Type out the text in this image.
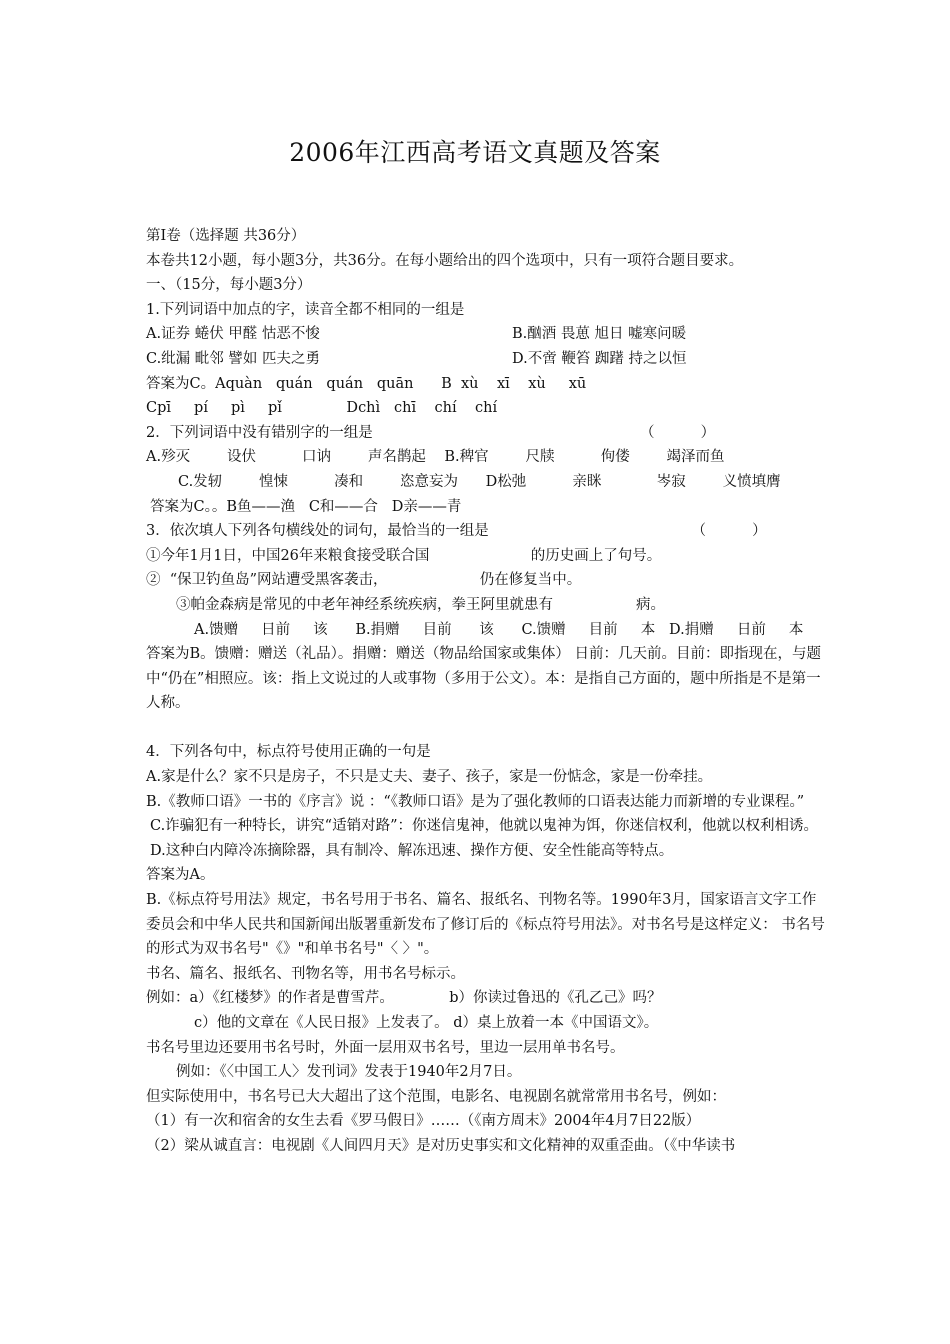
2006年江西高考语文真题及答案
第Ⅰ卷（选择题 共36分）
本卷共12小题，每小题3分，共36分。在每小题给出的四个选项中，只有一项符合题目要求。
一、（15分，每小题3分）
1.下列词语中加点的字，读音全都不相同的一组是
A.证券 蜷伏 甲醛 怙恶不悛	B.酗酒 畏葸 旭日 嘘寒问暖
C.纰漏 毗邻 譬如 匹夫之勇	D.不啻 鞭笞 踟躇 持之以恒
答案为C。Aquàn   quán   quán   quān      B  xù    xī    xù     xū
Cpī     pí     pì     pǐ              Dchì   chī    chí    chí
2．下列词语中没有错别字的一组是                                                          （          ）
A.殄灭        设伏          口讷        声名鹊起    B.稗官        尺牍          佝偻        竭泽而鱼
C.发轫        惶悚          凑和        恣意妄为      D松弛          亲眯            岑寂        义愤填膺
答案为C。。B鱼——渔   C和——合   D亲——青
3．依次填人下列各句横线处的词句，最恰当的一组是                                            （          ）
①今年1月1日，中国26年来粮食接受联合国                      的历史画上了句号。
②  “保卫钓鱼岛”网站遭受黑客袭击，                    仍在修复当中。
③帕金森病是常见的中老年神经系统疾病，拳王阿里就患有                  病。
A.馈赠     日前     该      B.捐赠     目前      该      C.馈赠     目前     本   D.捐赠     日前     本
答案为B。馈赠：赠送（礼品）。捐赠：赠送（物品给国家或集体） 日前：几天前。目前：即指现在，与题中“仍在”相照应。该：指上文说过的人或事物（多用于公文）。本：是指自己方面的，题中所指是不是第一人称。
4．下列各句中，标点符号使用正确的一句是
A.家是什么？家不只是房子，不只是丈夫、妻子、孩子，家是一份惦念，家是一份牵挂。
B.《教师口语》一书的《序言》说 ：“《教师口语》是为了强化教师的口语表达能力而新增的专业课程。”
C.诈骗犯有一种特长，讲究“适销对路”：你迷信鬼神，他就以鬼神为饵，你迷信权利，他就以权利相诱。
D.这种白内障冷冻摘除器，具有制冷、解冻迅速、操作方便、安全性能高等特点。
答案为A。
B.《标点符号用法》规定，书名号用于书名、篇名、报纸名、刊物名等。1990年3月，国家语言文字工作委员会和中华人民共和国新闻出版署重新发布了修订后的《标点符号用法》。对书名号是这样定义： 书名号的形式为双书名号"《》"和单书名号"〈 〉"。
书名、篇名、报纸名、刊物名等，用书名号标示。
例如：a）《红楼梦》的作者是曹雪芹。            b）你读过鲁迅的《孔乙己》吗？
c）他的文章在《人民日报》上发表了。 d）桌上放着一本《中国语文》。
书名号里边还要用书名号时，外面一层用双书名号，里边一层用单书名号。
例如：《〈中国工人〉发刊词》发表于1940年2月7日。
但实际使用中，书名号已大大超出了这个范围，电影名、电视剧名就常常用书名号，例如：
（1）有一次和宿舍的女生去看《罗马假日》……（《南方周末》2004年4月7日22版）
（2）梁从诚直言：电视剧《人间四月天》是对历史事实和文化精神的双重歪曲。（《中华读书
